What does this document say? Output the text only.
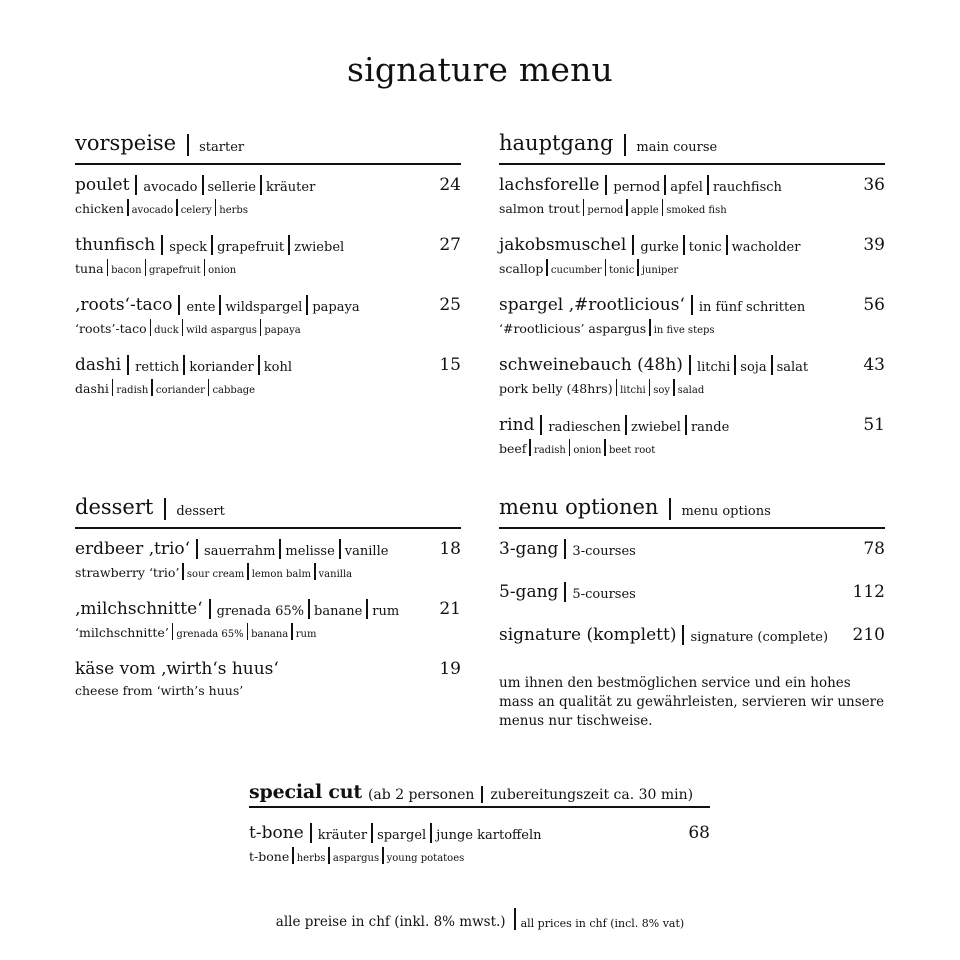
signature menu
vorspeise starter
poulet avocado sellerie kräuter	24
chicken avocado celery herbs
thunfisch speck grapefruit zwiebel	27
tuna bacon grapefruit onion
‚roots‘-taco ente wildspargel papaya	25
‘roots’-taco duck wild aspargus papaya
dashi rettich koriander kohl	15
dashi radish coriander cabbage
hauptgang main course
lachsforelle pernod apfel rauchfisch	36
salmon trout pernod apple smoked fish
jakobsmuschel gurke tonic wacholder	39
scallop cucumber tonic juniper
spargel ‚#rootlicious‘ in fünf schritten	56
‘#rootlicious’ aspargus in five steps
schweinebauch (48h) litchi soja salat	43
pork belly (48hrs) litchi soy salad
rind radieschen zwiebel rande	51
beef radish onion beet root
dessert dessert
erdbeer ‚trio‘ sauerrahm melisse vanille	18
strawberry ‘trio’ sour cream lemon balm vanilla
‚milchschnitte‘ grenada 65% banane rum 21
‘milchschnitte’ grenada 65% banana rum
käse vom ‚wirth‘s huus‘	19
cheese from ‘wirth’s huus’
menu optionen menu options
3-gang 3-courses	78
5-gang 5-courses	112
signature (komplett) signature (complete) 210
um ihnen den bestmöglichen service und ein hohes mass an qualität zu gewährleisten, servieren wir unsere menus nur tischweise.
special cut (ab 2 personen zubereitungszeit ca. 30 min)
t-bone kräuter spargel junge kartoffeln	68
t-bone herbs aspargus young potatoes
alle preise in chf (inkl. 8% mwst.) all prices in chf (incl. 8% vat)
